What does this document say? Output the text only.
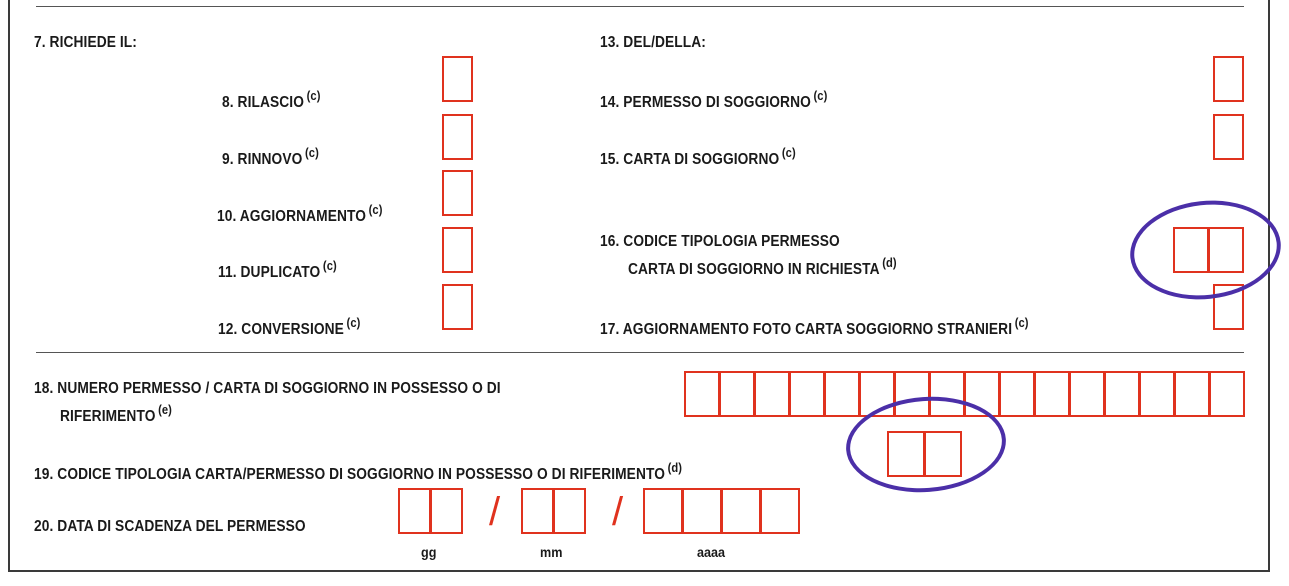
7. RICHIEDE IL:
8. RILASCIO $^{(c)}$
9. RINNOVO $^{(c)}$
10. AGGIORNAMENTO $^{(c)}$
11. DUPLICATO $^{(c)}$
12. CONVERSIONE $^{(c)}$
13. DEL/DELLA:
14. PERMESSO DI SOGGIORNO $^{(c)}$
15. CARTA DI SOGGIORNO $^{(c)}$
16. CODICE TIPOLOGIA PERMESSO
CARTA DI SOGGIORNO IN RICHIESTA $^{(d)}$
17. AGGIORNAMENTO FOTO CARTA SOGGIORNO STRANIERI $^{(c)}$
18. NUMERO PERMESSO / CARTA DI SOGGIORNO IN POSSESSO O DI
RIFERIMENTO $^{(e)}$
19. CODICE TIPOLOGIA CARTA/PERMESSO DI SOGGIORNO IN POSSESSO O DI RIFERIMENTO $^{(d)}$
20. DATA DI SCADENZA DEL PERMESSO	/	/
gg	mm	aaaa
